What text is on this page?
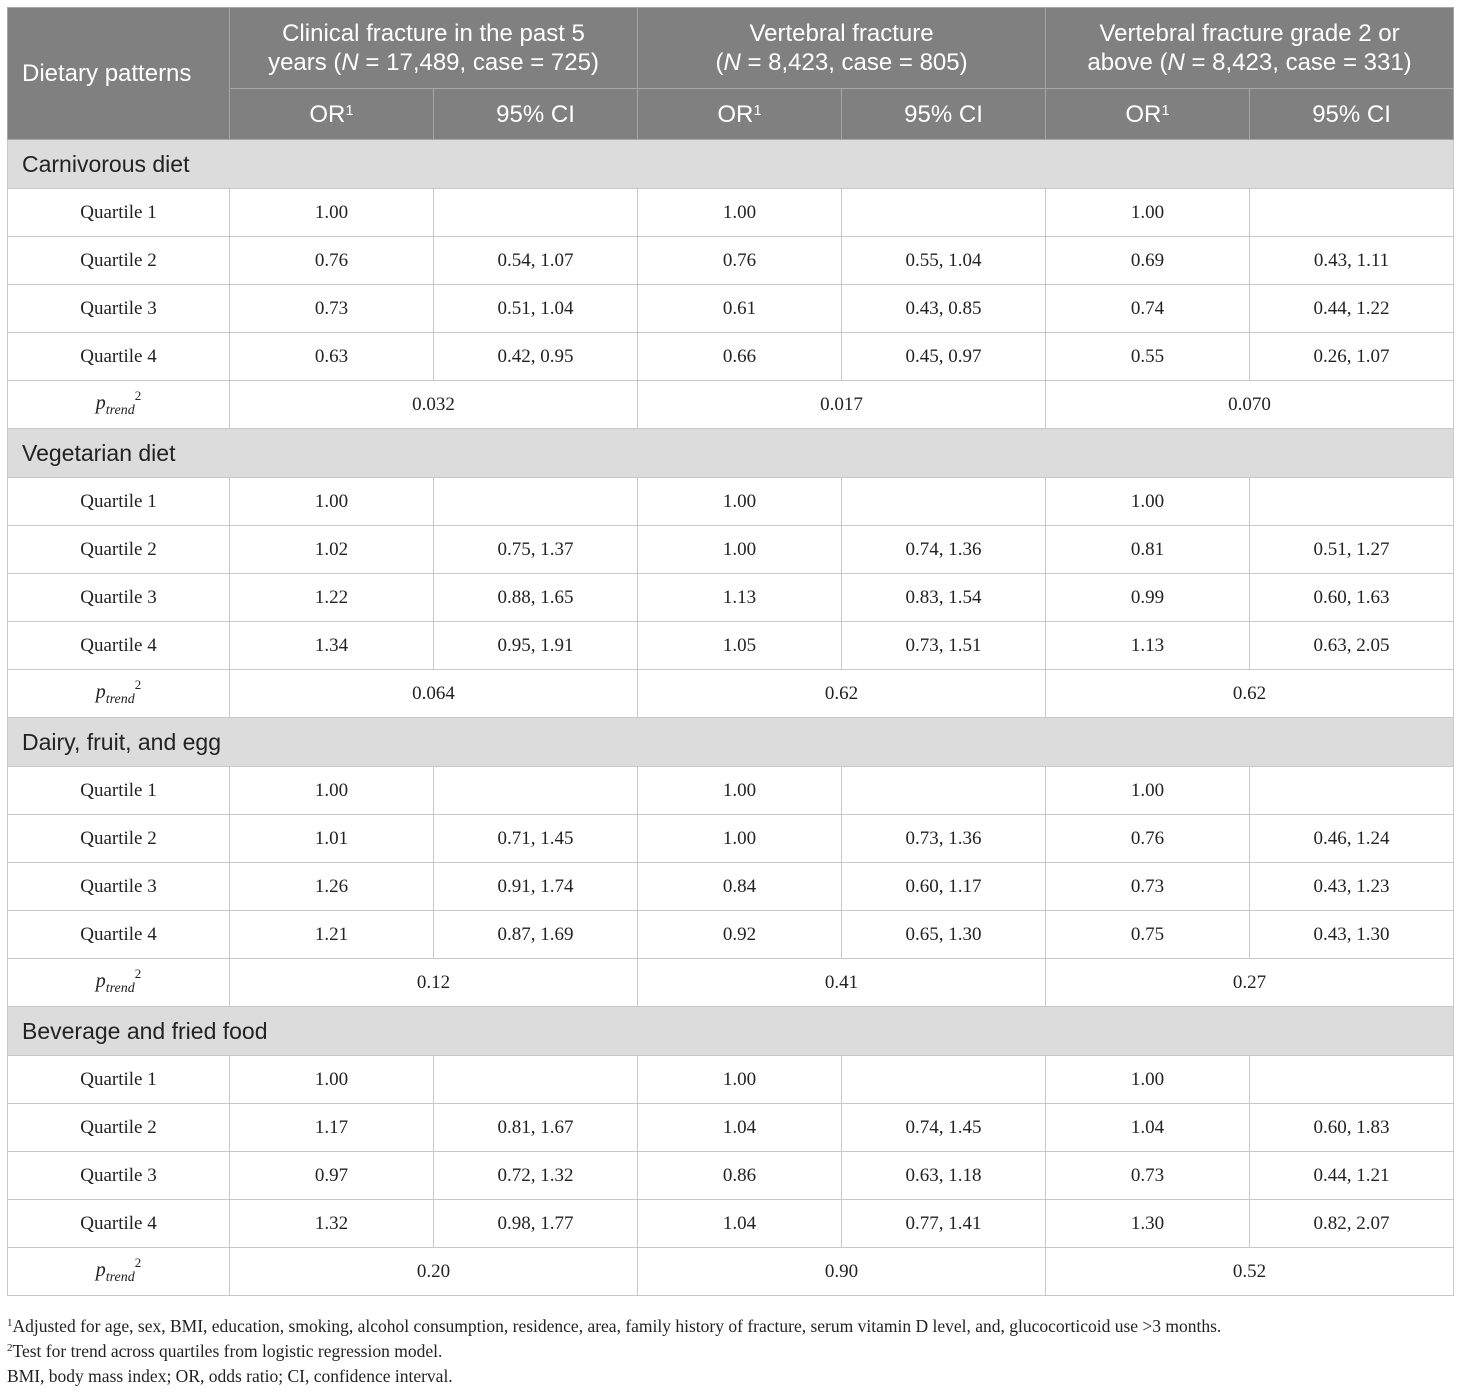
Dietary patterns	Clinical fracture in the past 5
years (N = 17,489, case = 725)		Vertebral fracture
(N = 8,423, case = 805)		Vertebral fracture grade 2 or
above (N = 8,423, case = 331)	
	$OR^1$	95% CI	$OR^1$	95% CI	$OR^1$	95% CI
Carnivorous diet						
Quartile 1	1.00		1.00		1.00	
Quartile 2	0.76	0.54, 1.07	0.76	0.55, 1.04	0.69	0.43, 1.11
Quartile 3	0.73	0.51, 1.04	0.61	0.43, 0.85	0.74	0.44, 1.22
Quartile 4	0.63	0.42, 0.95	0.66	0.45, 0.97	0.55	0.26, 1.07
$p_{trend}^2$	0.032		0.017		0.070	
Vegetarian diet						
Quartile 1	1.00		1.00		1.00	
Quartile 2	1.02	0.75, 1.37	1.00	0.74, 1.36	0.81	0.51, 1.27
Quartile 3	1.22	0.88, 1.65	1.13	0.83, 1.54	0.99	0.60, 1.63
Quartile 4	1.34	0.95, 1.91	1.05	0.73, 1.51	1.13	0.63, 2.05
$p_{trend}^2$	0.064		0.62		0.62	
Dairy, fruit, and egg						
Quartile 1	1.00		1.00		1.00	
Quartile 2	1.01	0.71, 1.45	1.00	0.73, 1.36	0.76	0.46, 1.24
Quartile 3	1.26	0.91, 1.74	0.84	0.60, 1.17	0.73	0.43, 1.23
Quartile 4	1.21	0.87, 1.69	0.92	0.65, 1.30	0.75	0.43, 1.30
$p_{trend}^2$	0.12		0.41		0.27	
Beverage and fried food						
Quartile 1	1.00		1.00		1.00	
Quartile 2	1.17	0.81, 1.67	1.04	0.74, 1.45	1.04	0.60, 1.83
Quartile 3	0.97	0.72, 1.32	0.86	0.63, 1.18	0.73	0.44, 1.21
Quartile 4	1.32	0.98, 1.77	1.04	0.77, 1.41	1.30	0.82, 2.07
$p_{trend}^2$	0.20		0.90		0.52	
$^1$Adjusted for age, sex, BMI, education, smoking, alcohol consumption, residence, area, family history of fracture, serum vitamin D level, and, glucocorticoid use >3 months.
$^2$Test for trend across quartiles from logistic regression model.
BMI, body mass index; OR, odds ratio; CI, confidence interval.
